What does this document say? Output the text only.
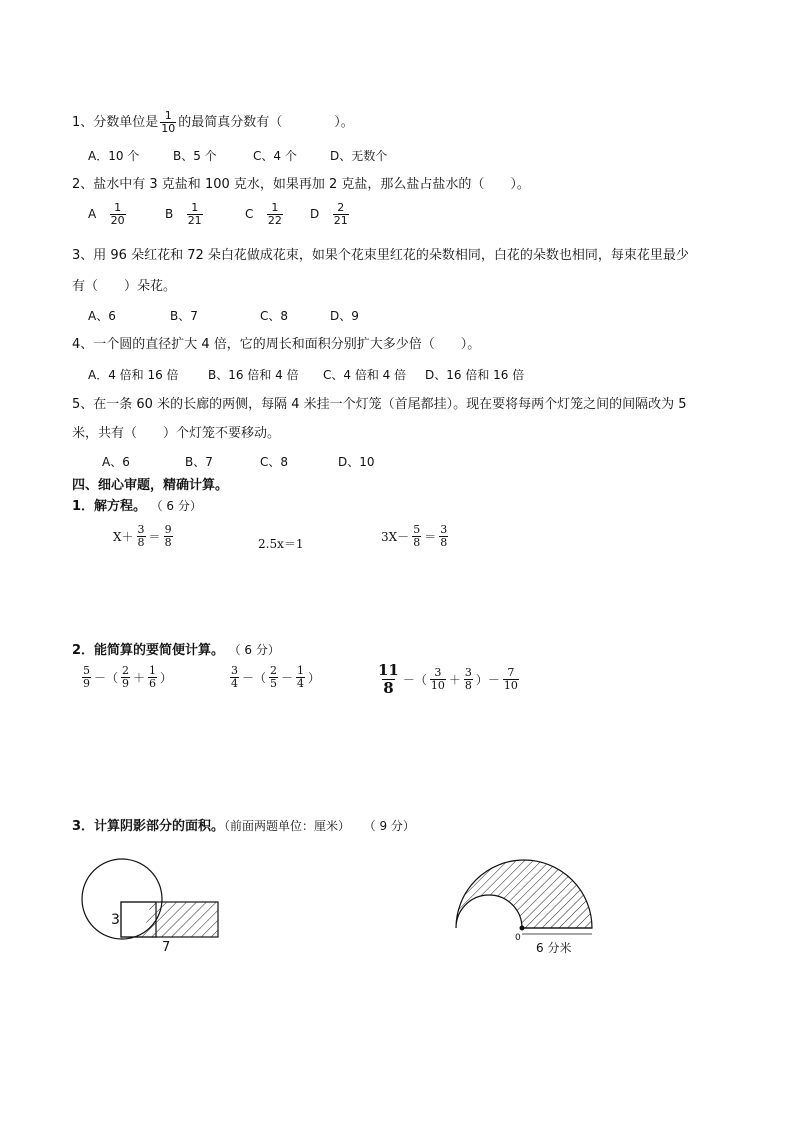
1、分数单位是 $\frac{1}{10}$ 的最简真分数有（　　　　）。
A．10 个	B、5 个	C、4 个	D、无数个
2、盐水中有 3 克盐和 100 克水，如果再加 2 克盐，那么盐占盐水的（　　）。
A $\frac{1}{20}$	B $\frac{1}{21}$	C $\frac{1}{22}$ D $\frac{2}{21}$
3、用 96 朵红花和 72 朵白花做成花束，如果个花束里红花的朵数相同，白花的朵数也相同，每束花里最少
有（　　）朵花。
A、6	B、7	C、8	D、9
4、一个圆的直径扩大 4 倍，它的周长和面积分别扩大多少倍（　　）。
A．4 倍和 16 倍 B、16 倍和 4 倍 C、4 倍和 4 倍 D、16 倍和 16 倍
5、在一条 60 米的长廊的两侧，每隔 4 米挂一个灯笼（首尾都挂）。现在要将每两个灯笼之间的间隔改为 5
米，共有（　　）个灯笼不要移动。
A、6	B、7	C、8	D、10
四、细心审题，精确计算。
1．解方程。 （ 6 分）
$X+ \frac{3}{8} = \frac{9}{8}$	2.5x＝1	$3X- \frac{5}{8} = \frac{3}{8}$
2．能简算的要简便计算。 （ 6 分）
$\frac{5}{9}$ －（ $\frac{2}{9} + \frac{1}{6}$ ）	$\frac{3}{4}$ －（ $\frac{2}{5} - \frac{1}{4}$ ）	$\frac{11}{8}$ －（ $\frac{3}{10} + \frac{3}{8}$ ）－ $\frac{7}{10}$
3．计算阴影部分的面积。（前面两题单位：厘米） （ 9 分）
3
7
0
6 分米
